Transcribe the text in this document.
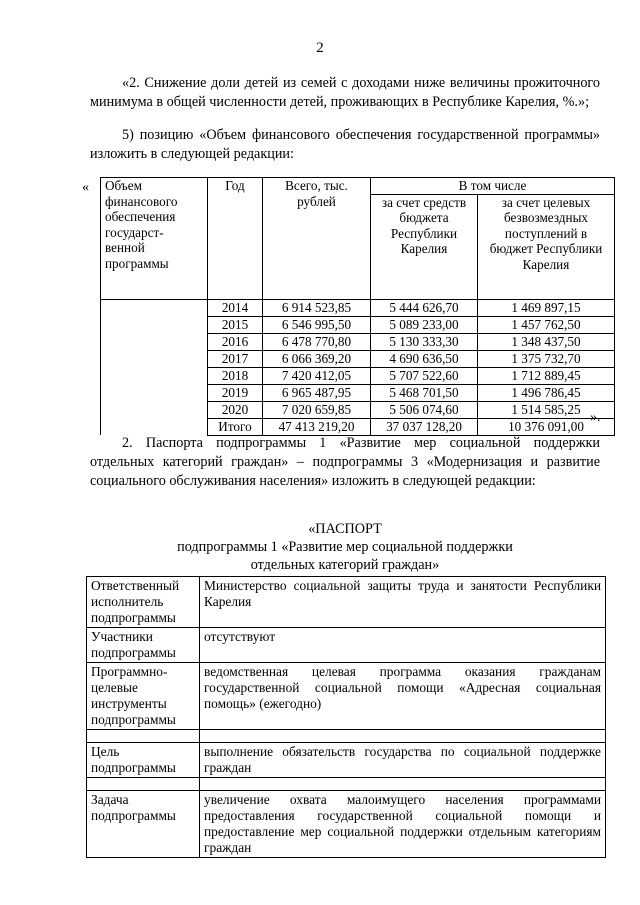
2

«2. Снижение доли детей из семей с доходами ниже величины прожиточного минимума в общей численности детей, проживающих в Республике Карелия, %.»;

5) позицию «Объем финансового обеспечения государственной программы» изложить в следующей редакции:

« Объем финансового обеспечения государст-венной программы	Год	Всего, тыс. рублей	В том числе	
			за счет средств бюджета Республики Карелия	за счет целевых безвозмездных поступлений в бюджет Республики Карелия
	2014	6 914 523,85	5 444 626,70	1 469 897,15
	2015	6 546 995,50	5 089 233,00	1 457 762,50
	2016	6 478 770,80	5 130 333,30	1 348 437,50
	2017	6 066 369,20	4 690 636,50	1 375 732,70
	2018	7 420 412,05	5 707 522,60	1 712 889,45
	2019	6 965 487,95	5 468 701,50	1 496 786,45
	2020	7 020 659,85	5 506 074,60	1 514 585,25
	Итого	47 413 219,20	37 037 128,20	10 376 091,00
».

2. Паспорта подпрограммы 1 «Развитие мер социальной поддержки отдельных категорий граждан» – подпрограммы 3 «Модернизация и развитие социального обслуживания населения» изложить в следующей редакции:

«ПАСПОРТ
подпрограммы 1 «Развитие мер социальной поддержки
отдельных категорий граждан»
Ответственный исполнитель подпрограммы	Министерство социальной защиты труда и занятости Республики Карелия
Участники подпрограммы	отсутствуют
Программно-целевые инструменты подпрограммы	ведомственная целевая программа оказания гражданам государственной социальной помощи «Адресная социальная помощь» (ежегодно)

Цель подпрограммы	выполнение обязательств государства по социальной поддержке граждан

Задача подпрограммы	увеличение охвата малоимущего населения программами предоставления государственной социальной помощи и предоставление мер социальной поддержки отдельным категориям граждан
